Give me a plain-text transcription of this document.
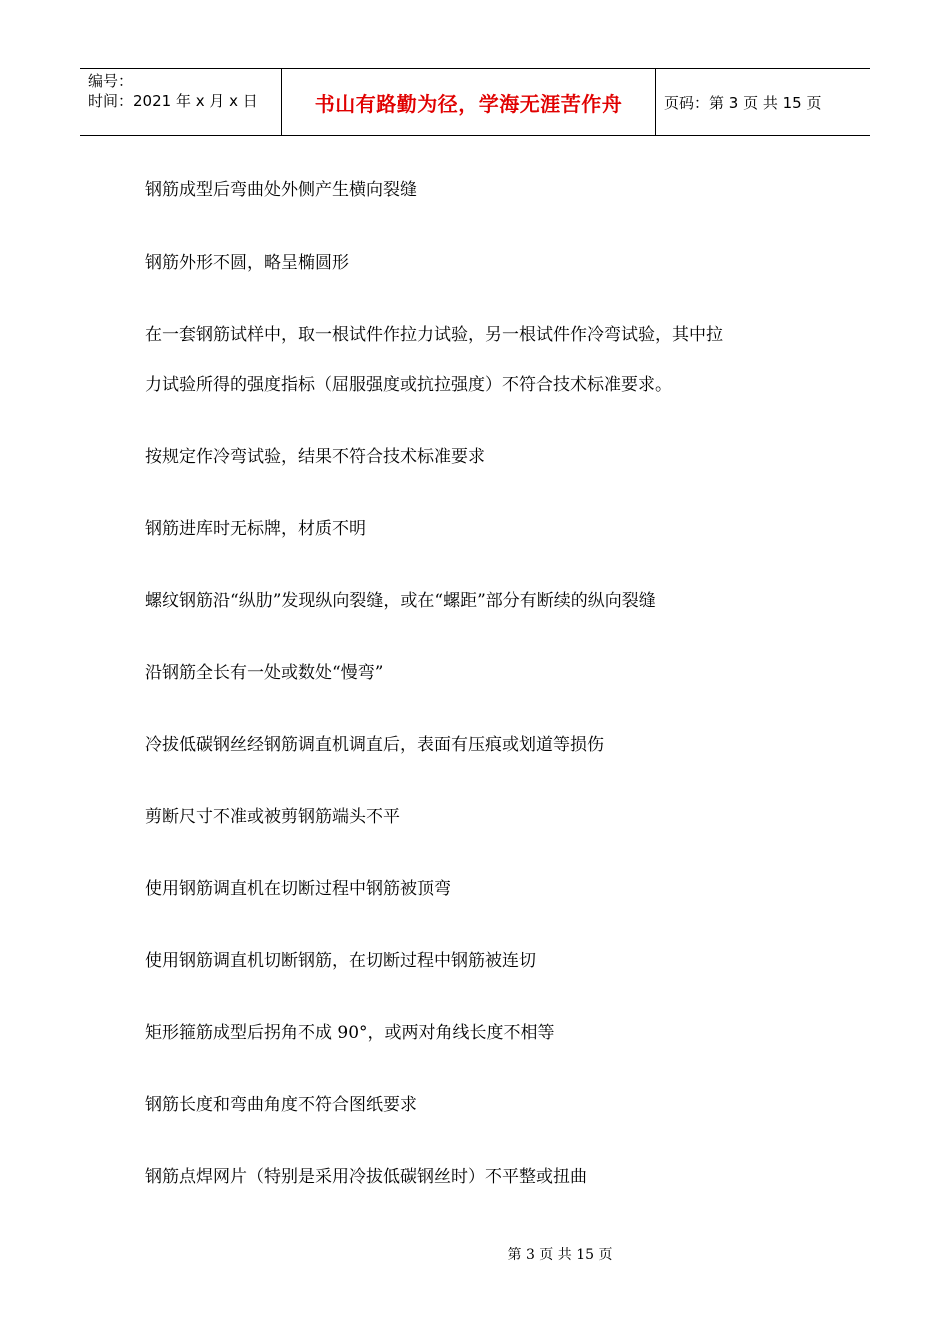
编号：
时间：2021 年 x 月 x 日	书山有路勤为径，学海无涯苦作舟	页码：第 3 页 共 15 页
钢筋成型后弯曲处外侧产生横向裂缝
钢筋外形不圆，略呈椭圆形
在一套钢筋试样中，取一根试件作拉力试验，另一根试件作冷弯试验，其中拉
力试验所得的强度指标（屈服强度或抗拉强度）不符合技术标准要求。
按规定作冷弯试验，结果不符合技术标准要求
钢筋进库时无标牌，材质不明
螺纹钢筋沿“纵肋”发现纵向裂缝，或在“螺距”部分有断续的纵向裂缝
沿钢筋全长有一处或数处“慢弯”
冷拔低碳钢丝经钢筋调直机调直后，表面有压痕或划道等损伤
剪断尺寸不准或被剪钢筋端头不平
使用钢筋调直机在切断过程中钢筋被顶弯
使用钢筋调直机切断钢筋，在切断过程中钢筋被连切
矩形箍筋成型后拐角不成 90°，或两对角线长度不相等
钢筋长度和弯曲角度不符合图纸要求
钢筋点焊网片（特别是采用冷拔低碳钢丝时）不平整或扭曲
第 3 页 共 15 页
